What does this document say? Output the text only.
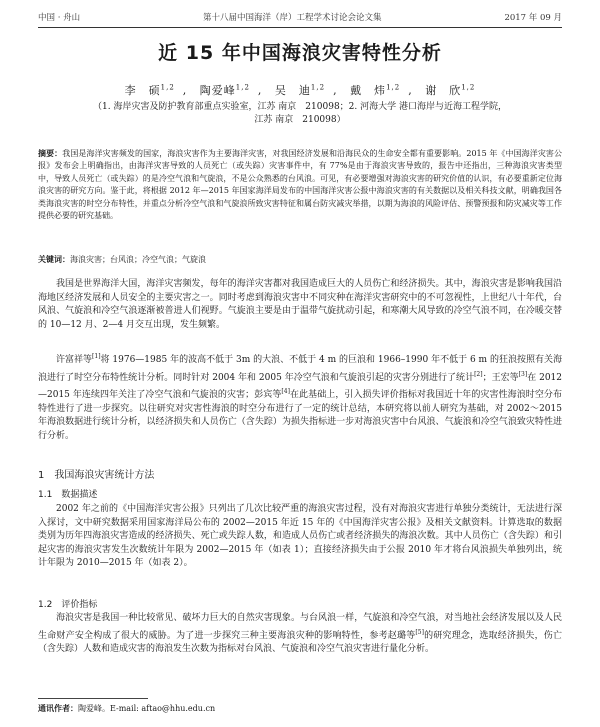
中国 · 舟山	第十八届中国海洋（岸）工程学术讨论会论文集	2017 年 09 月
近 15 年中国海浪灾害特性分析
李　硕$^{1,2}$ , 陶爱峰$^{1,2}$ , 吴　迪$^{1,2}$ , 戴　炜$^{1,2}$ , 谢　欣$^{1,2}$
（1. 海岸灾害及防护教育部重点实验室，江苏 南京　210098；2. 河海大学 港口海岸与近海工程学院，
江苏 南京　210098）
摘要：我国是海洋灾害频发的国家，海浪灾害作为主要海洋灾害，对我国经济发展和沿海民众的生命安全都有重要影响。2015 年《中国海洋灾害公报》发布会上明确指出，由海洋灾害导致的人员死亡（或失踪）灾害事件中，有 77%是由于海浪灾害导致的，报告中还指出，三种海浪灾害类型中，导致人员死亡（或失踪）的是冷空气浪和气旋浪，不是公众熟悉的台风浪。可见，有必要增强对海浪灾害的研究价值的认识，有必要重新定位海浪灾害的研究方向。鉴于此，将根据 2012 年—2015 年国家海洋局发布的中国海洋灾害公报中海浪灾害的有关数据以及相关科技文献，明确我国各类海浪灾害的时空分布特性，并重点分析冷空气浪和气旋浪所致灾害特征和属台防灾减灾举措，以期为海浪的风险评估、预警预报和防灾减灾等工作提供必要的研究基础。
关键词：海浪灾害；台风浪；冷空气浪；气旋浪
我国是世界海洋大国，海洋灾害频发，每年的海洋灾害都对我国造成巨大的人员伤亡和经济损失。其中，海浪灾害是影响我国沿海地区经济发展和人员安全的主要灾害之一。同时考虑到海浪灾害中不同灾种在海洋灾害研究中的不可忽视性，上世纪八十年代，台风浪、气旋浪和冷空气浪逐渐被普进人们视野。气旋浪主要是由于温带气旋扰动引起，和寒潮大风导致的冷空气浪不同，在冷暖交替的 10—12 月、2—4 月交互出现，发生频繁。
许富祥等[1]将 1976—1985 年的波高不低于 3m 的大浪、不低于 4 m 的巨浪和 1966–1990 年不低于 6 m 的狂浪按照有关海浪进行了时空分布特性统计分析。同时针对 2004 年和 2005 年冷空气浪和气旋浪引起的灾害分别进行了统计[2]；王宏等[3]在 2012—2015 年连续四年关注了冷空气浪和气旋浪的灾害；彭宾等[4]在此基础上，引入损失评价指标对我国近十年的灾害性海浪时空分布特性进行了进一步探究。以往研究对灾害性海浪的时空分布进行了一定的统计总结，本研究将以前人研究为基础，对 2002～2015 年海浪数据进行统计分析，以经济损失和人员伤亡（含失踪）为损失指标进一步对海浪灾害中台风浪、气旋浪和冷空气浪致灾特性进行分析。
1　我国海浪灾害统计方法
1.1　数据描述
2002 年之前的《中国海洋灾害公报》只列出了几次比较严重的海浪灾害过程，没有对海浪灾害进行单独分类统计，无法进行深入探讨，文中研究数据采用国家海洋局公布的 2002—2015 年近 15 年的《中国海洋灾害公报》及相关文献资料。计算选取的数据类别为历年四海浪灾害造成的经济损失、死亡或失踪人数，和造成人员伤亡或者经济损失的海浪次数。其中人员伤亡（含失踪）和引起灾害的海浪灾害发生次数统计年限为 2002—2015 年（如表 1）；直接经济损失由于公报 2010 年才将台风浪损失单独列出，统计年限为 2010—2015 年（如表 2）。
1.2　评价指标
海浪灾害是我国一种比较常见、破坏力巨大的自然灾害现象。与台风浪一样，气旋浪和冷空气浪，对当地社会经济发展以及人民生命财产安全构成了很大的威胁。为了进一步探究三种主要海浪灾种的影响特性，参考赵璐等[5]的研究理念，选取经济损失，伤亡（含失踪）人数和造成灾害的海浪发生次数为指标对台风浪、气旋浪和冷空气浪灾害进行量化分析。
通讯作者：陶爱峰。E-mail: aftao@hhu.edu.cn
